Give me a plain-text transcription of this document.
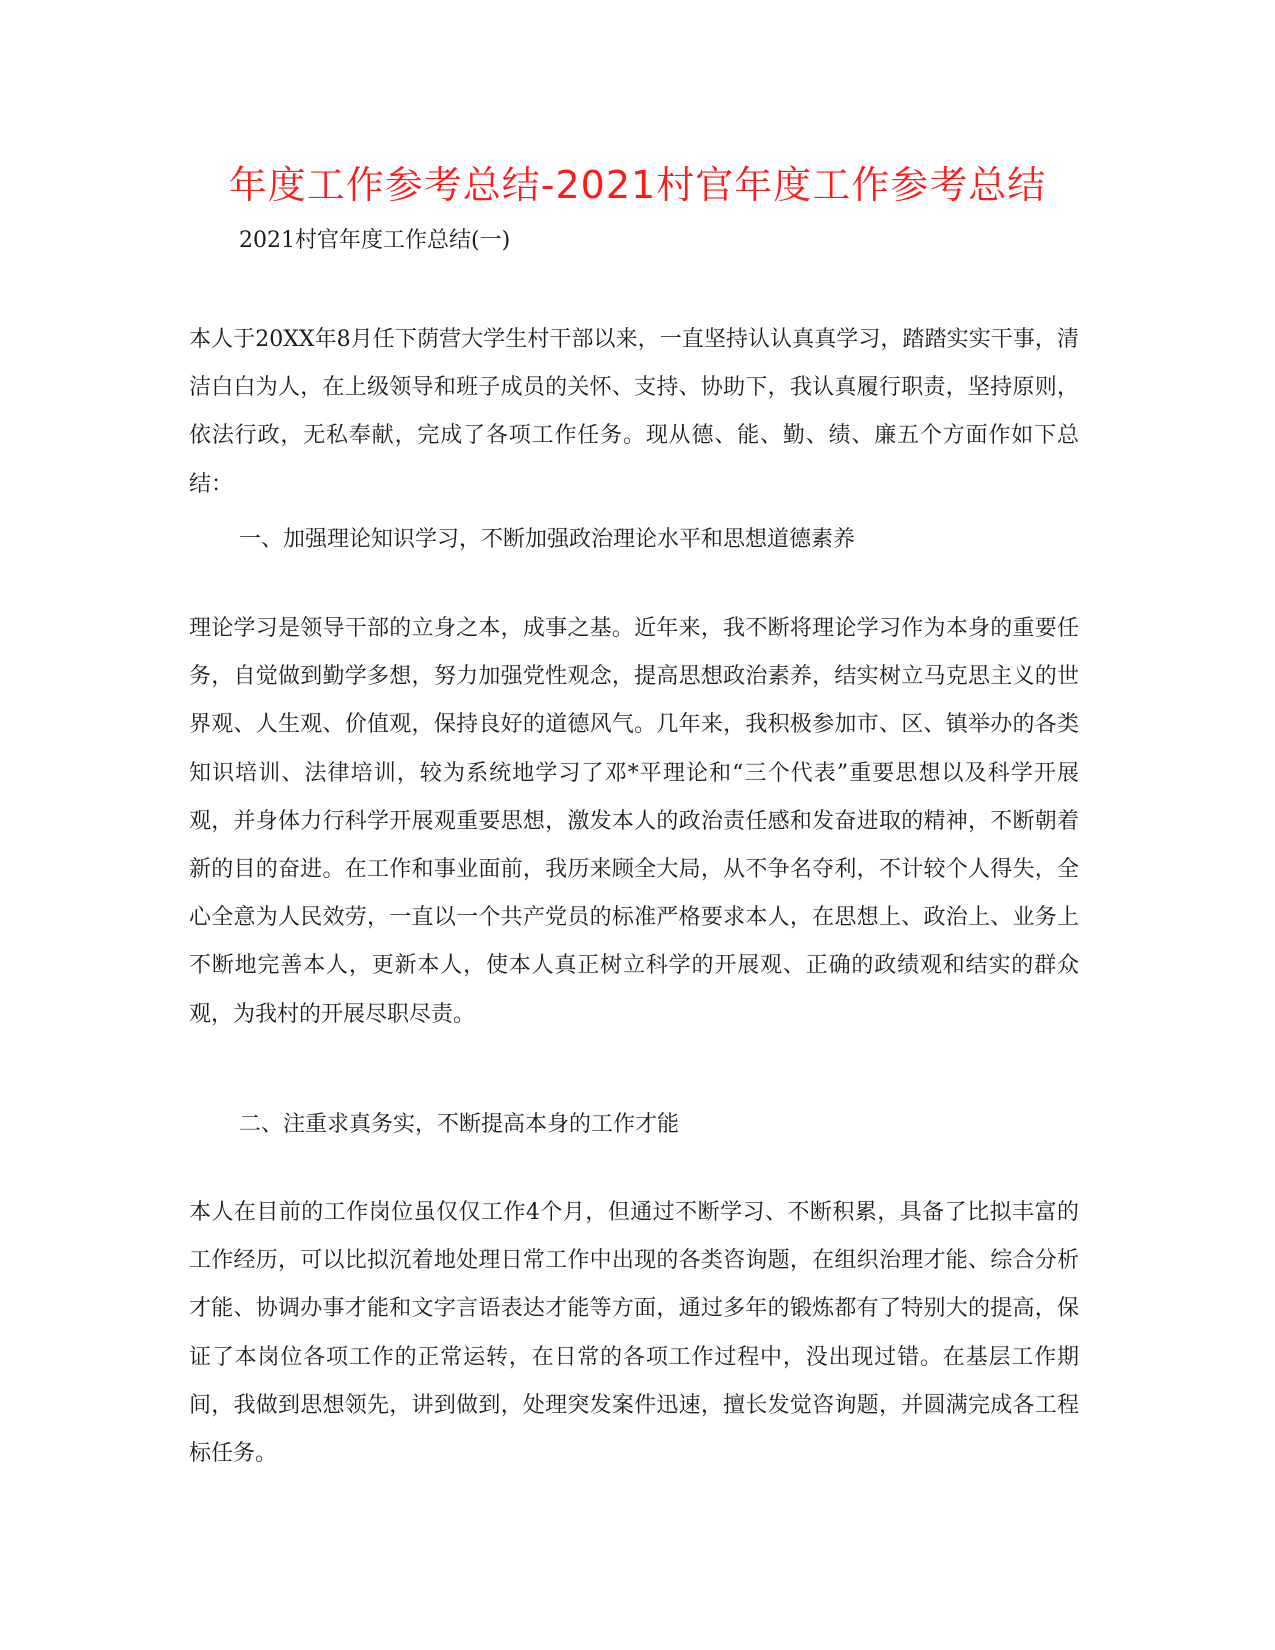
年度工作参考总结-2021村官年度工作参考总结
2021村官年度工作总结(一)
本人于20XX年8月任下荫营大学生村干部以来，一直坚持认认真真学习，踏踏实实干事，清洁白白为人，在上级领导和班子成员的关怀、支持、协助下，我认真履行职责，坚持原则，依法行政，无私奉献，完成了各项工作任务。现从德、能、勤、绩、廉五个方面作如下总结：
一、加强理论知识学习，不断加强政治理论水平和思想道德素养
理论学习是领导干部的立身之本，成事之基。近年来，我不断将理论学习作为本身的重要任务，自觉做到勤学多想，努力加强党性观念，提高思想政治素养，结实树立马克思主义的世界观、人生观、价值观，保持良好的道德风气。几年来，我积极参加市、区、镇举办的各类知识培训、法律培训，较为系统地学习了邓*平理论和“三个代表”重要思想以及科学开展观，并身体力行科学开展观重要思想，激发本人的政治责任感和发奋进取的精神，不断朝着新的目的奋进。在工作和事业面前，我历来顾全大局，从不争名夺利，不计较个人得失，全心全意为人民效劳，一直以一个共产党员的标准严格要求本人，在思想上、政治上、业务上不断地完善本人，更新本人，使本人真正树立科学的开展观、正确的政绩观和结实的群众观，为我村的开展尽职尽责。
二、注重求真务实，不断提高本身的工作才能
本人在目前的工作岗位虽仅仅工作4个月，但通过不断学习、不断积累，具备了比拟丰富的工作经历，可以比拟沉着地处理日常工作中出现的各类咨询题，在组织治理才能、综合分析才能、协调办事才能和文字言语表达才能等方面，通过多年的锻炼都有了特别大的提高，保证了本岗位各项工作的正常运转，在日常的各项工作过程中，没出现过错。在基层工作期间，我做到思想领先，讲到做到，处理突发案件迅速，擅长发觉咨询题，并圆满完成各工程标任务。
